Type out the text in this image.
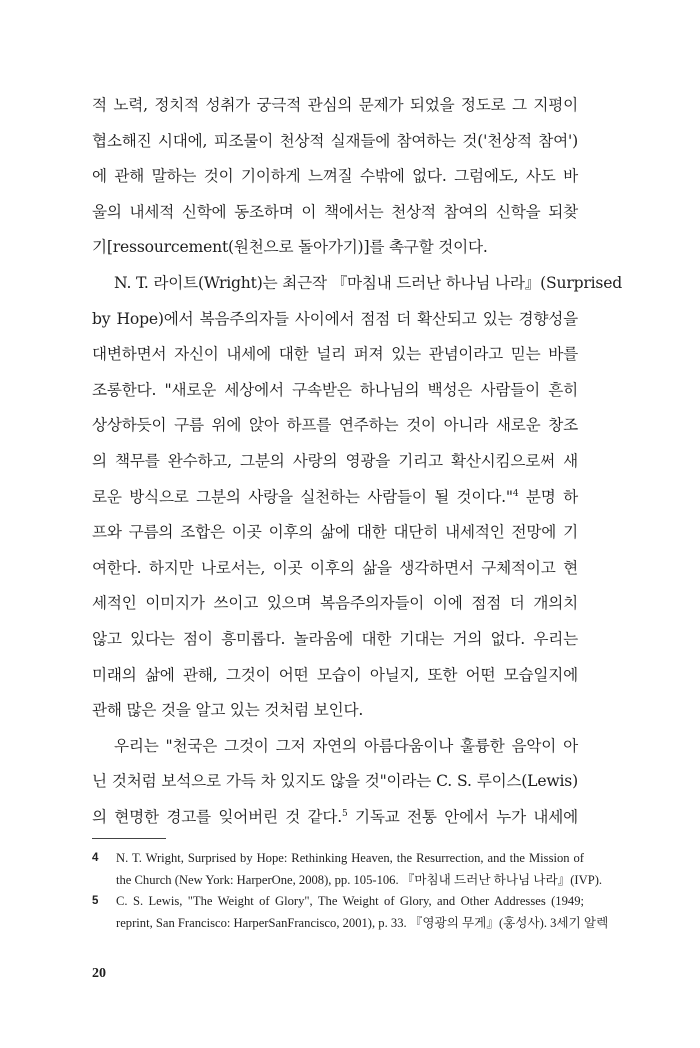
적 노력, 정치적 성취가 궁극적 관심의 문제가 되었을 정도로 그 지평이
협소해진 시대에, 피조물이 천상적 실재들에 참여하는 것('천상적 참여')
에 관해 말하는 것이 기이하게 느껴질 수밖에 없다. 그럼에도, 사도 바
울의 내세적 신학에 동조하며 이 책에서는 천상적 참여의 신학을 되찾
기[ressourcement(원천으로 돌아가기)]를 촉구할 것이다.
N. T. 라이트(Wright)는 최근작 『마침내 드러난 하나님 나라』(Surprised
by Hope)에서 복음주의자들 사이에서 점점 더 확산되고 있는 경향성을
대변하면서 자신이 내세에 대한 널리 퍼져 있는 관념이라고 믿는 바를
조롱한다. "새로운 세상에서 구속받은 하나님의 백성은 사람들이 흔히
상상하듯이 구름 위에 앉아 하프를 연주하는 것이 아니라 새로운 창조
의 책무를 완수하고, 그분의 사랑의 영광을 기리고 확산시킴으로써 새
로운 방식으로 그분의 사랑을 실천하는 사람들이 될 것이다."$^4$ 분명 하
프와 구름의 조합은 이곳 이후의 삶에 대한 대단히 내세적인 전망에 기
여한다. 하지만 나로서는, 이곳 이후의 삶을 생각하면서 구체적이고 현
세적인 이미지가 쓰이고 있으며 복음주의자들이 이에 점점 더 개의치
않고 있다는 점이 흥미롭다. 놀라움에 대한 기대는 거의 없다. 우리는
미래의 삶에 관해, 그것이 어떤 모습이 아닐지, 또한 어떤 모습일지에
관해 많은 것을 알고 있는 것처럼 보인다.
우리는 "천국은 그것이 그저 자연의 아름다움이나 훌륭한 음악이 아
닌 것처럼 보석으로 가득 차 있지도 않을 것"이라는 C. S. 루이스(Lewis)
의 현명한 경고를 잊어버린 것 같다.$^5$ 기독교 전통 안에서 누가 내세에
4 N. T. Wright, Surprised by Hope: Rethinking Heaven, the Resurrection, and the Mission of
the Church (New York: HarperOne, 2008), pp. 105-106. 『마침내 드러난 하나님 나라』(IVP).
5 C. S. Lewis, "The Weight of Glory", The Weight of Glory, and Other Addresses (1949;
reprint, San Francisco: HarperSanFrancisco, 2001), p. 33. 『영광의 무게』(홍성사). 3세기 알렉
20
